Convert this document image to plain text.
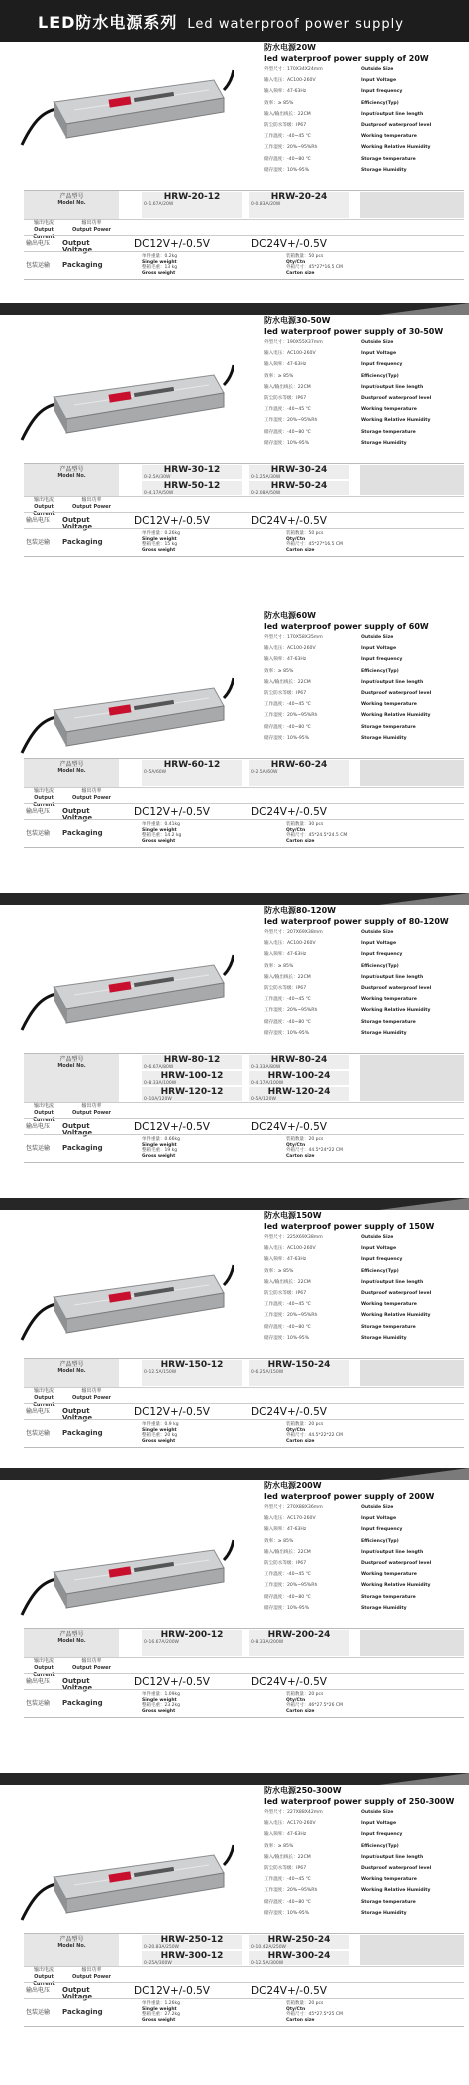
LED防水电源系列 Led waterproof power supply
防水电源20W
led waterproof power supply of 20W
外型尺寸：170X34X24mm	Outside Size
输入电压：AC100-260V	Input Voltage
输入频率：47-63Hz	Input frequency
效率：≥ 85%	Efficiency(Typ)
输入/输出线长：22CM	Input/output line length
防尘防水等级：IP67	Dustproof waterproof level
工作温度：-40~45 ℃	Working temperature
工作湿度：20%~95%Rh	Working Relative Humidity
储存温度：-40~80 ℃	Storage temperature
储存湿度：10%-95%	Storage Humidity
产品型号
Model No.
HRW-20-12
0-1.67A/20W
HRW-20-24
0-0.83A/20W
输出电流
Output Current
输出功率
Output Power
输出电压 Output Voltage	DC12V+/-0.5V	DC24V+/-0.5V
包装运输 Packaging
单件重量：0.2kg
Single weight
整箱毛重：13 kg
Gross weight
装箱数量：50 pcs
Qty/Ctn
外箱尺寸：45*27*16.5 CM
Carton size
防水电源30-50W
led waterproof power supply of 30-50W
外型尺寸：190X55X37mm	Outside Size
输入电压：AC100-260V	Input Voltage
输入频率：47-63Hz	Input frequency
效率：≥ 85%	Efficiency(Typ)
输入/输出线长：22CM	Input/output line length
防尘防水等级：IP67	Dustproof waterproof level
工作温度：-40~45 ℃	Working temperature
工作湿度：20%~95%Rh	Working Relative Humidity
储存温度：-40~80 ℃	Storage temperature
储存湿度：10%-95%	Storage Humidity
产品型号
Model No.
HRW-30-12
0-2.5A/30W
HRW-30-24
0-1.25A/30W
HRW-50-12
0-4.17A/50W
HRW-50-24
0-2.08A/50W
输出电流
Output Current
输出功率
Output Power
输出电压 Output Voltage	DC12V+/-0.5V	DC24V+/-0.5V
包装运输 Packaging
单件重量：0.26kg
Single weight
整箱毛重：15 kg
Gross weight
装箱数量：50 pcs
Qty/Ctn
外箱尺寸：45*27*16.5 CM
Carton size
防水电源60W
led waterproof power supply of 60W
外型尺寸：170X58X35mm	Outside Size
输入电压：AC100-260V	Input Voltage
输入频率：47-63Hz	Input frequency
效率：≥ 85%	Efficiency(Typ)
输入/输出线长：22CM	Input/output line length
防尘防水等级：IP67	Dustproof waterproof level
工作温度：-40~45 ℃	Working temperature
工作湿度：20%~95%Rh	Working Relative Humidity
储存温度：-40~80 ℃	Storage temperature
储存湿度：10%-95%	Storage Humidity
产品型号
Model No.
HRW-60-12
0-5A/60W
HRW-60-24
0-2.5A/60W
输出电流
Output Current
输出功率
Output Power
输出电压 Output Voltage	DC12V+/-0.5V	DC24V+/-0.5V
包装运输 Packaging
单件重量：0.41kg
Single weight
整箱毛重：14.2 kg
Gross weight
装箱数量：30 pcs
Qty/Ctn
外箱尺寸：45*24.5*24.5 CM
Carton size
防水电源80-120W
led waterproof power supply of 80-120W
外型尺寸：207X69X38mm	Outside Size
输入电压：AC100-260V	Input Voltage
输入频率：47-63Hz	Input frequency
效率：≥ 85%	Efficiency(Typ)
输入/输出线长：22CM	Input/output line length
防尘防水等级：IP67	Dustproof waterproof level
工作温度：-40~45 ℃	Working temperature
工作湿度：20%~95%Rh	Working Relative Humidity
储存温度：-40~80 ℃	Storage temperature
储存湿度：10%-95%	Storage Humidity
产品型号
Model No.
HRW-80-12
0-6.67A/80W
HRW-80-24
0-3.33A/80W
HRW-100-12
0-8.33A/100W
HRW-100-24
0-4.17A/100W
HRW-120-12
0-10A/120W
HRW-120-24
0-5A/120W
输出电流
Output Current
输出功率
Output Power
输出电压 Output Voltage	DC12V+/-0.5V	DC24V+/-0.5V
包装运输 Packaging
单件重量：0.66kg
Single weight
整箱毛重：19 kg
Gross weight
装箱数量：20 pcs
Qty/Ctn
外箱尺寸：44.5*24*22 CM
Carton size
防水电源150W
led waterproof power supply of 150W
外型尺寸：225X69X38mm	Outside Size
输入电压：AC100-260V	Input Voltage
输入频率：47-63Hz	Input frequency
效率：≥ 85%	Efficiency(Typ)
输入/输出线长：22CM	Input/output line length
防尘防水等级：IP67	Dustproof waterproof level
工作温度：-40~45 ℃	Working temperature
工作湿度：20%~95%Rh	Working Relative Humidity
储存温度：-40~80 ℃	Storage temperature
储存湿度：10%-95%	Storage Humidity
产品型号
Model No.
HRW-150-12
0-12.5A/150W
HRW-150-24
0-6.25A/150W
输出电流
Output Current
输出功率
Output Power
输出电压 Output Voltage	DC12V+/-0.5V	DC24V+/-0.5V
包装运输 Packaging
单件重量：0.9 kg
Single weight
整箱毛重：20 kg
Gross weight
装箱数量：20 pcs
Qty/Ctn
外箱尺寸：44.5*22*22 CM
Carton size
防水电源200W
led waterproof power supply of 200W
外型尺寸：270X88X36mm	Outside Size
输入电压：AC170-260V	Input Voltage
输入频率：47-63Hz	Input frequency
效率：≥ 85%	Efficiency(Typ)
输入/输出线长：22CM	Input/output line length
防尘防水等级：IP67	Dustproof waterproof level
工作温度：-40~45 ℃	Working temperature
工作湿度：20%~95%Rh	Working Relative Humidity
储存温度：-40~80 ℃	Storage temperature
储存湿度：10%-95%	Storage Humidity
产品型号
Model No.
HRW-200-12
0-16.67A/200W
HRW-200-24
0-8.33A/200W
输出电流
Output Current
输出功率
Output Power
输出电压 Output Voltage	DC12V+/-0.5V	DC24V+/-0.5V
包装运输 Packaging
单件重量：1.09kg
Single weight
整箱毛重：23.2kg
Gross weight
装箱数量：20 pcs
Qty/Ctn
外箱尺寸：46*27.5*26 CM
Carton size
防水电源250-300W
led waterproof power supply of 250-300W
外型尺寸：227X88X42mm	Outside Size
输入电压：AC170-260V	Input Voltage
输入频率：47-63Hz	Input frequency
效率：≥ 85%	Efficiency(Typ)
输入/输出线长：22CM	Input/output line length
防尘防水等级：IP67	Dustproof waterproof level
工作温度：-40~45 ℃	Working temperature
工作湿度：20%~95%Rh	Working Relative Humidity
储存温度：-40~80 ℃	Storage temperature
储存湿度：10%-95%	Storage Humidity
产品型号
Model No.
HRW-250-12
0-20.83A/250W
HRW-250-24
0-10.42A/250W
HRW-300-12
0-25A/300W
HRW-300-24
0-12.5A/300W
输出电流
Output Current
输出功率
Output Power
输出电压 Output Voltage	DC12V+/-0.5V	DC24V+/-0.5V
包装运输 Packaging
单件重量：1.26kg
Single weight
整箱毛重：27.2kg
Gross weight
装箱数量：20 pcs
Qty/Ctn
外箱尺寸：45*27.5*25 CM
Carton size
